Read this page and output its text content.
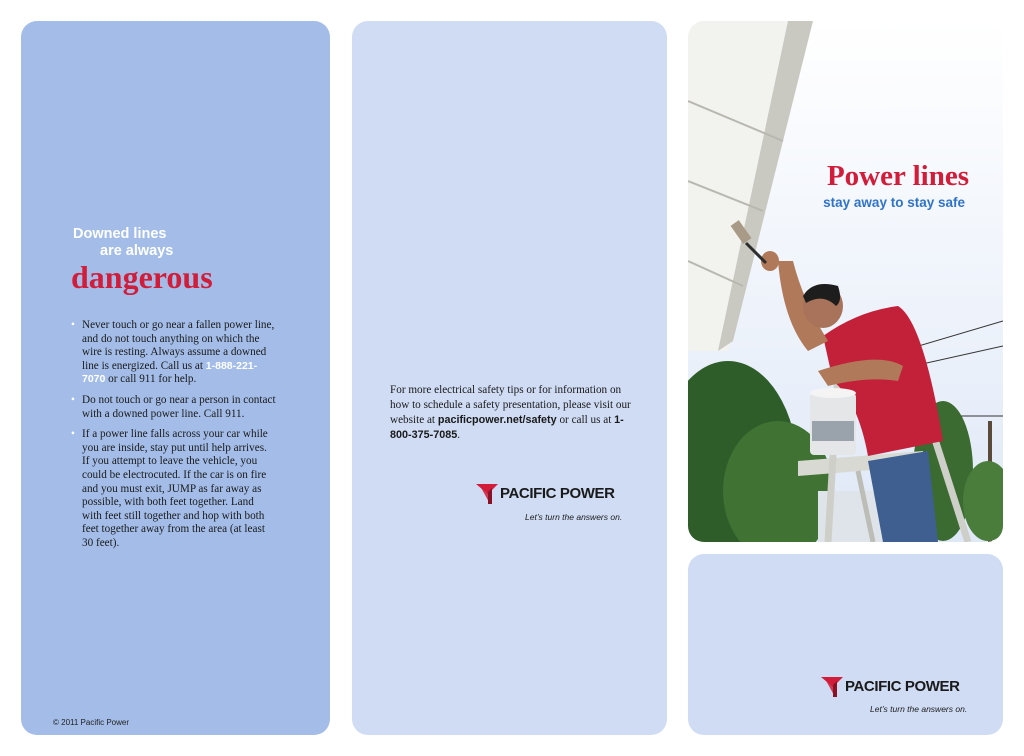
Downed lines
are always
dangerous
• Never touch or go near a fallen power line, and do not touch anything on which the wire is resting. Always assume a downed line is energized. Call us at 1-888-221-7070 or call 911 for help.
• Do not touch or go near a person in contact with a downed power line. Call 911.
• If a power line falls across your car while you are inside, stay put until help arrives. If you attempt to leave the vehicle, you could be electrocuted. If the car is on fire and you must exit, JUMP as far away as possible, with both feet together. Land with feet still together and hop with both feet together away from the area (at least 30 feet).
© 2011 Pacific Power
For more electrical safety tips or for information on how to schedule a safety presentation, please visit our website at pacificpower.net/safety or call us at 1-800-375-7085.
PACIFIC POWER
Let’s turn the answers on.
Power lines
stay away to stay safe
PACIFIC POWER
Let’s turn the answers on.
